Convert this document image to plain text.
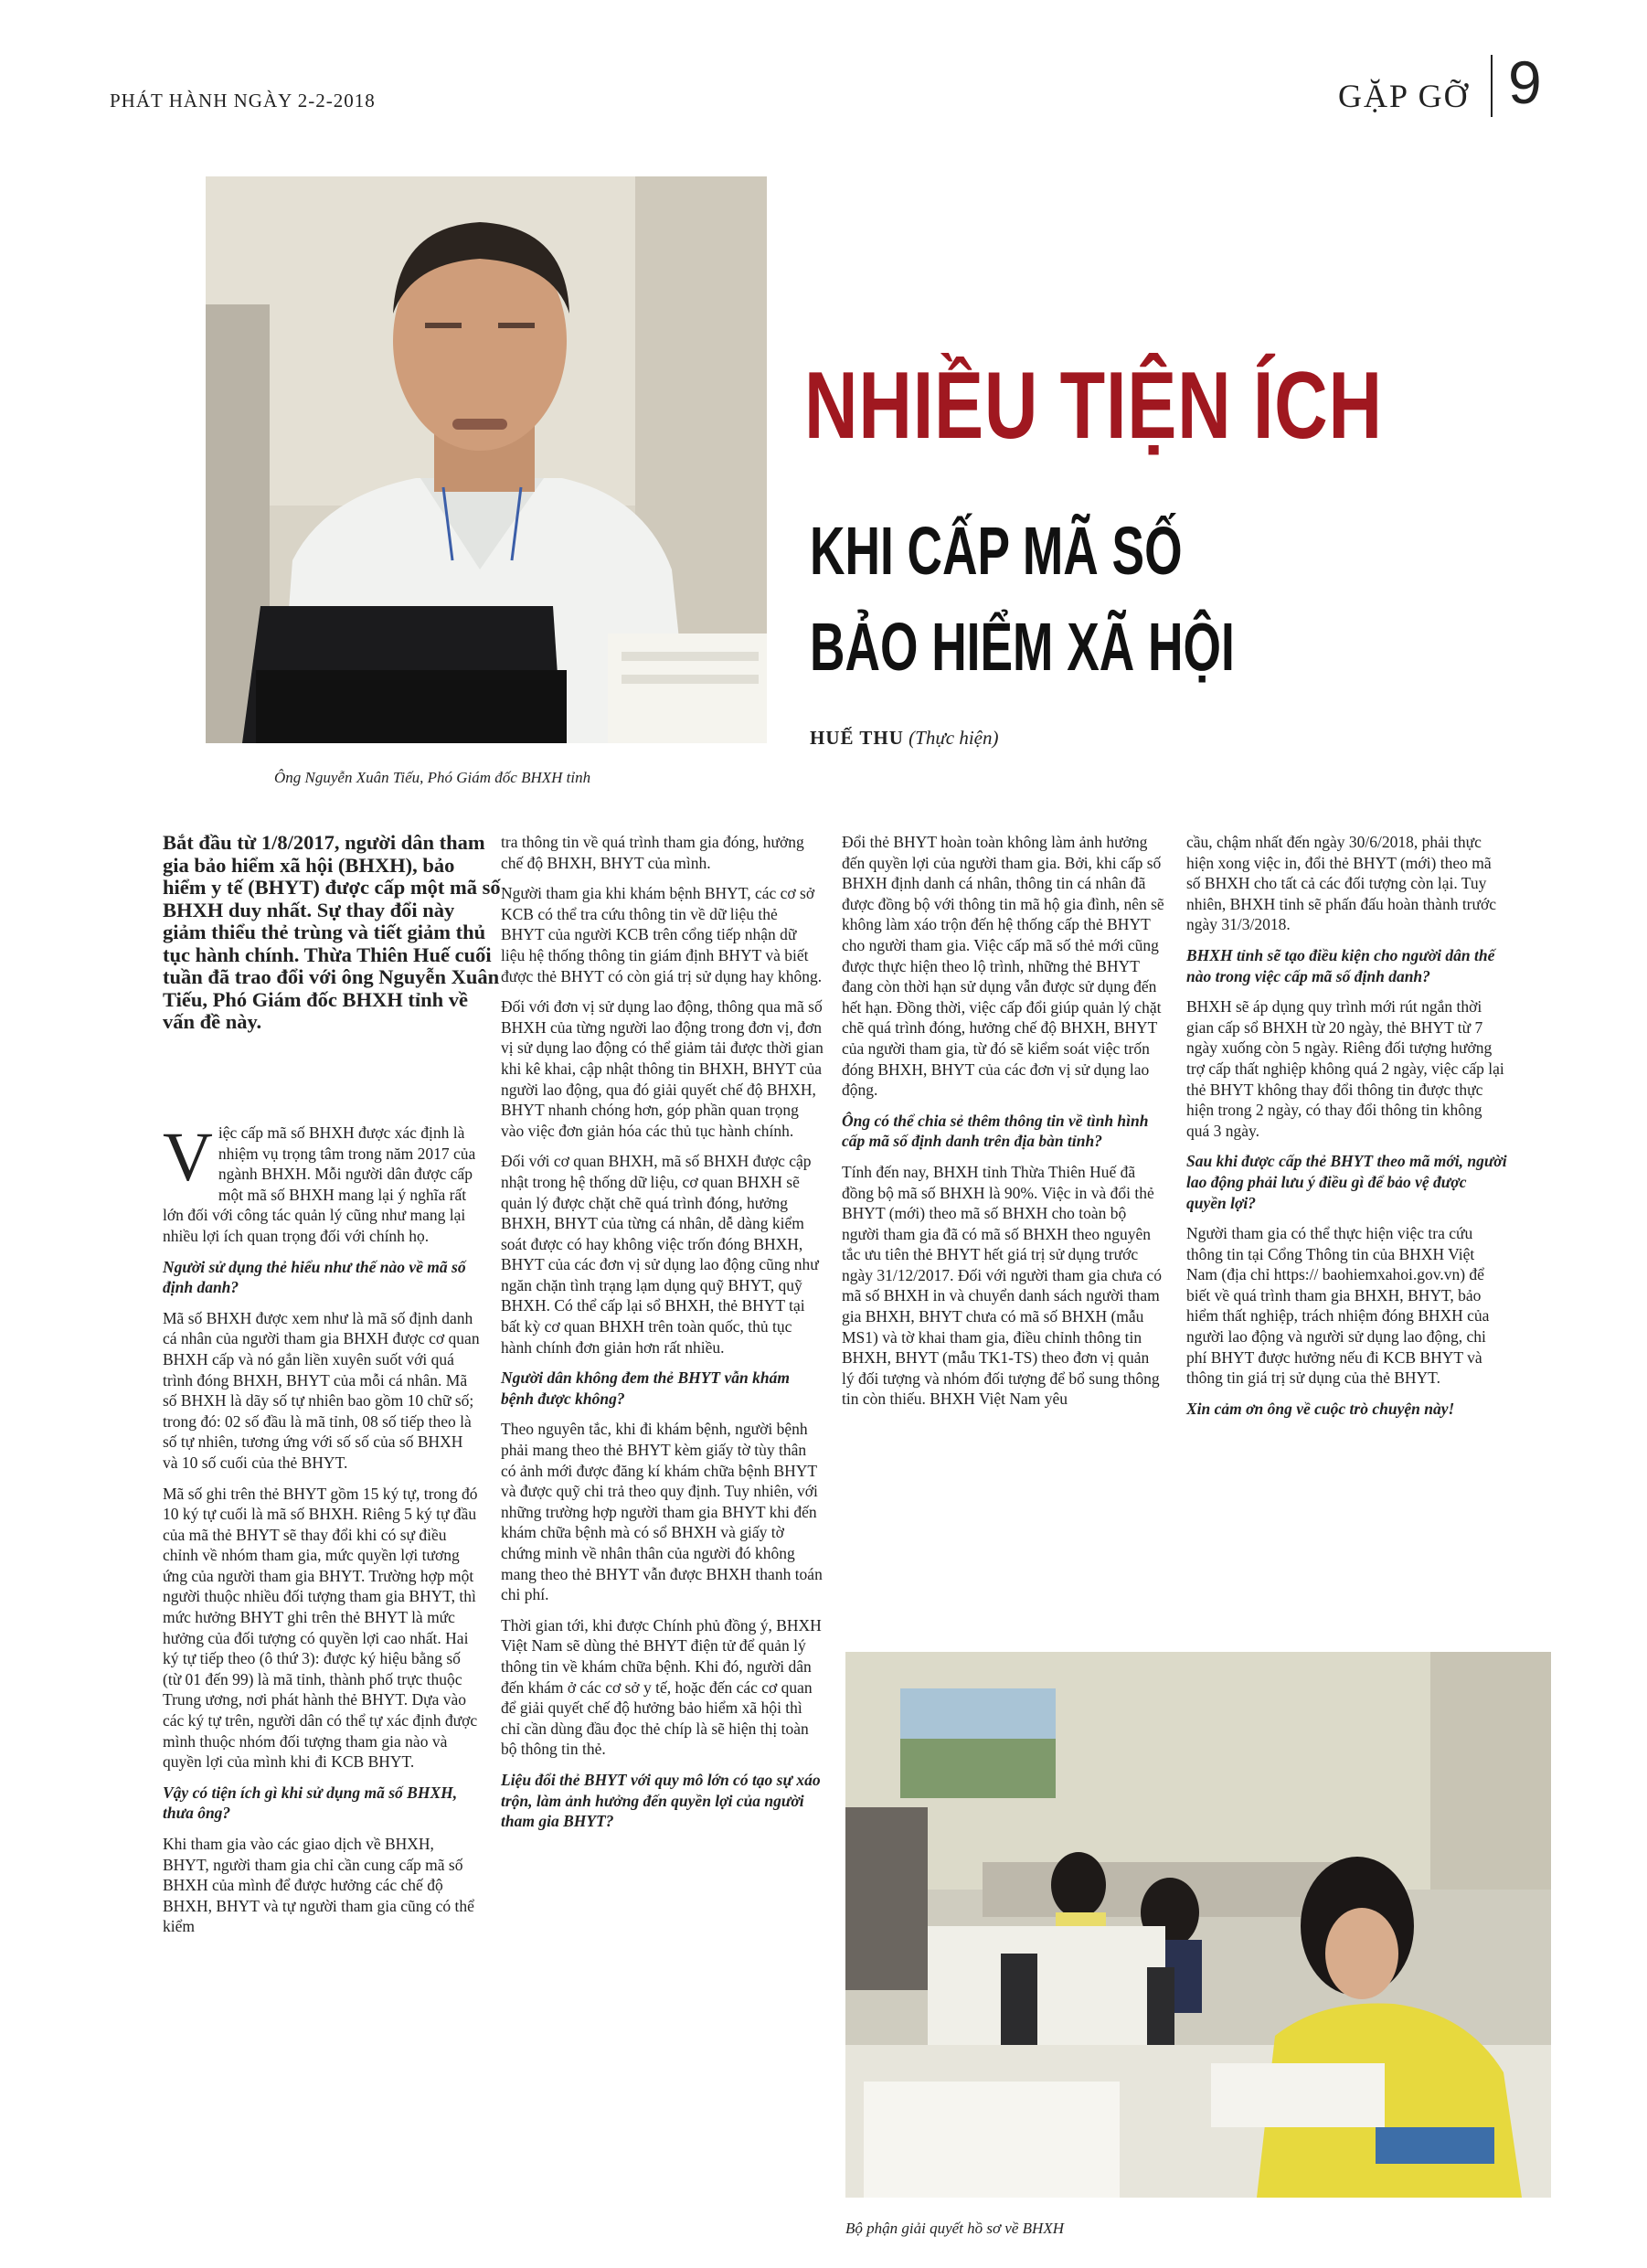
PHÁT HÀNH NGÀY 2-2-2018	GẶP GỠ 9
Ông Nguyễn Xuân Tiếu, Phó Giám đốc BHXH tỉnh
NHIỀU TIỆN ÍCH
KHI CẤP MÃ SỐ
BẢO HIỂM XÃ HỘI
HUẾ THU (Thực hiện)
Bắt đầu từ 1/8/2017, người dân tham gia bảo hiểm xã hội (BHXH), bảo hiểm y tế (BHYT) được cấp một mã số BHXH duy nhất. Sự thay đổi này giảm thiểu thẻ trùng và tiết giảm thủ tục hành chính. Thừa Thiên Huế cuối tuần đã trao đổi với ông Nguyễn Xuân Tiếu, Phó Giám đốc BHXH tỉnh về vấn đề này.
V iệc cấp mã số BHXH được xác định là nhiệm vụ trọng tâm trong năm 2017 của ngành BHXH. Mỗi người dân được cấp một mã số BHXH mang lại ý nghĩa rất lớn đối với công tác quản lý cũng như mang lại nhiều lợi ích quan trọng đối với chính họ.

Người sử dụng thẻ hiểu như thế nào về mã số định danh?

Mã số BHXH được xem như là mã số định danh cá nhân của người tham gia BHXH được cơ quan BHXH cấp và nó gắn liền xuyên suốt với quá trình đóng BHXH, BHYT của mỗi cá nhân. Mã số BHXH là dãy số tự nhiên bao gồm 10 chữ số; trong đó: 02 số đầu là mã tỉnh, 08 số tiếp theo là số tự nhiên, tương ứng với số số của số BHXH và 10 số cuối của thẻ BHYT.

Mã số ghi trên thẻ BHYT gồm 15 ký tự, trong đó 10 ký tự cuối là mã số BHXH. Riêng 5 ký tự đầu của mã thẻ BHYT sẽ thay đổi khi có sự điều chỉnh về nhóm tham gia, mức quyền lợi tương ứng của người tham gia BHYT. Trường hợp một người thuộc nhiều đối tượng tham gia BHYT, thì mức hưởng BHYT ghi trên thẻ BHYT là mức hưởng của đối tượng có quyền lợi cao nhất. Hai ký tự tiếp theo (ô thứ 3): được ký hiệu bằng số (từ 01 đến 99) là mã tỉnh, thành phố trực thuộc Trung ương, nơi phát hành thẻ BHYT. Dựa vào các ký tự trên, người dân có thể tự xác định được mình thuộc nhóm đối tượng tham gia nào và quyền lợi của mình khi đi KCB BHYT.

Vậy có tiện ích gì khi sử dụng mã số BHXH, thưa ông?

Khi tham gia vào các giao dịch về BHXH, BHYT, người tham gia chỉ cần cung cấp mã số BHXH của mình để được hưởng các chế độ BHXH, BHYT và tự người tham gia cũng có thể kiểm

tra thông tin về quá trình tham gia đóng, hưởng chế độ BHXH, BHYT của mình.

Người tham gia khi khám bệnh BHYT, các cơ sở KCB có thể tra cứu thông tin về dữ liệu thẻ BHYT của người KCB trên cổng tiếp nhận dữ liệu hệ thống thông tin giám định BHYT và biết được thẻ BHYT có còn giá trị sử dụng hay không.

Đối với đơn vị sử dụng lao động, thông qua mã số BHXH của từng người lao động trong đơn vị, đơn vị sử dụng lao động có thể giảm tải được thời gian khi kê khai, cập nhật thông tin BHXH, BHYT của người lao động, qua đó giải quyết chế độ BHXH, BHYT nhanh chóng hơn, góp phần quan trọng vào việc đơn giản hóa các thủ tục hành chính.

Đối với cơ quan BHXH, mã số BHXH được cập nhật trong hệ thống dữ liệu, cơ quan BHXH sẽ quản lý được chặt chẽ quá trình đóng, hưởng BHXH, BHYT của từng cá nhân, dễ dàng kiểm soát được có hay không việc trốn đóng BHXH, BHYT của các đơn vị sử dụng lao động cũng như ngăn chặn tình trạng lạm dụng quỹ BHYT, quỹ BHXH. Có thể cấp lại sổ BHXH, thẻ BHYT tại bất kỳ cơ quan BHXH trên toàn quốc, thủ tục hành chính đơn giản hơn rất nhiều.

Người dân không đem thẻ BHYT vẫn khám bệnh được không?

Theo nguyên tắc, khi đi khám bệnh, người bệnh phải mang theo thẻ BHYT kèm giấy tờ tùy thân có ảnh mới được đăng kí khám chữa bệnh BHYT và được quỹ chi trả theo quy định. Tuy nhiên, với những trường hợp người tham gia BHYT khi đến khám chữa bệnh mà có sổ BHXH và giấy tờ chứng minh về nhân thân của người đó không mang theo thẻ BHYT vẫn được BHXH thanh toán chi phí.

Thời gian tới, khi được Chính phủ đồng ý, BHXH Việt Nam sẽ dùng thẻ BHYT điện tử để quản lý thông tin về khám chữa bệnh. Khi đó, người dân đến khám ở các cơ sở y tế, hoặc đến các cơ quan để giải quyết chế độ hưởng bảo hiểm xã hội thì chỉ cần dùng đầu đọc thẻ chíp là sẽ hiện thị toàn bộ thông tin thẻ.

Liệu đổi thẻ BHYT với quy mô lớn có tạo sự xáo trộn, làm ảnh hưởng đến quyền lợi của người tham gia BHYT?

Đổi thẻ BHYT hoàn toàn không làm ảnh hưởng đến quyền lợi của người tham gia. Bởi, khi cấp số BHXH định danh cá nhân, thông tin cá nhân đã được đồng bộ với thông tin mã hộ gia đình, nên sẽ không làm xáo trộn đến hệ thống cấp thẻ BHYT cho người tham gia. Việc cấp mã số thẻ mới cũng được thực hiện theo lộ trình, những thẻ BHYT đang còn thời hạn sử dụng vẫn được sử dụng đến hết hạn. Đồng thời, việc cấp đổi giúp quản lý chặt chẽ quá trình đóng, hưởng chế độ BHXH, BHYT của người tham gia, từ đó sẽ kiểm soát việc trốn đóng BHXH, BHYT của các đơn vị sử dụng lao động.

Ông có thể chia sẻ thêm thông tin về tình hình cấp mã số định danh trên địa bàn tỉnh?

Tính đến nay, BHXH tỉnh Thừa Thiên Huế đã đồng bộ mã số BHXH là 90%. Việc in và đổi thẻ BHYT (mới) theo mã số BHXH cho toàn bộ người tham gia đã có mã số BHXH theo nguyên tắc ưu tiên thẻ BHYT hết giá trị sử dụng trước ngày 31/12/2017. Đối với người tham gia chưa có mã số BHXH in và chuyển danh sách người tham gia BHXH, BHYT chưa có mã số BHXH (mẫu MS1) và tờ khai tham gia, điều chỉnh thông tin BHXH, BHYT (mẫu TK1-TS) theo đơn vị quản lý đối tượng và nhóm đối tượng để bổ sung thông tin còn thiếu. BHXH Việt Nam yêu

cầu, chậm nhất đến ngày 30/6/2018, phải thực hiện xong việc in, đổi thẻ BHYT (mới) theo mã số BHXH cho tất cả các đối tượng còn lại. Tuy nhiên, BHXH tỉnh sẽ phấn đấu hoàn thành trước ngày 31/3/2018.

BHXH tỉnh sẽ tạo điều kiện cho người dân thế nào trong việc cấp mã số định danh?

BHXH sẽ áp dụng quy trình mới rút ngắn thời gian cấp sổ BHXH từ 20 ngày, thẻ BHYT từ 7 ngày xuống còn 5 ngày. Riêng đối tượng hưởng trợ cấp thất nghiệp không quá 2 ngày, việc cấp lại thẻ BHYT không thay đổi thông tin được thực hiện trong 2 ngày, có thay đổi thông tin không quá 3 ngày.

Sau khi được cấp thẻ BHYT theo mã mới, người lao động phải lưu ý điều gì để bảo vệ được quyền lợi?

Người tham gia có thể thực hiện việc tra cứu thông tin tại Cổng Thông tin của BHXH Việt Nam (địa chỉ https:// baohiemxahoi.gov.vn) để biết về quá trình tham gia BHXH, BHYT, bảo hiểm thất nghiệp, trách nhiệm đóng BHXH của người lao động và người sử dụng lao động, chi phí BHYT được hưởng nếu đi KCB BHYT và thông tin giá trị sử dụng của thẻ BHYT.

Xin cảm ơn ông về cuộc trò chuyện này!

Bộ phận giải quyết hồ sơ về BHXH
